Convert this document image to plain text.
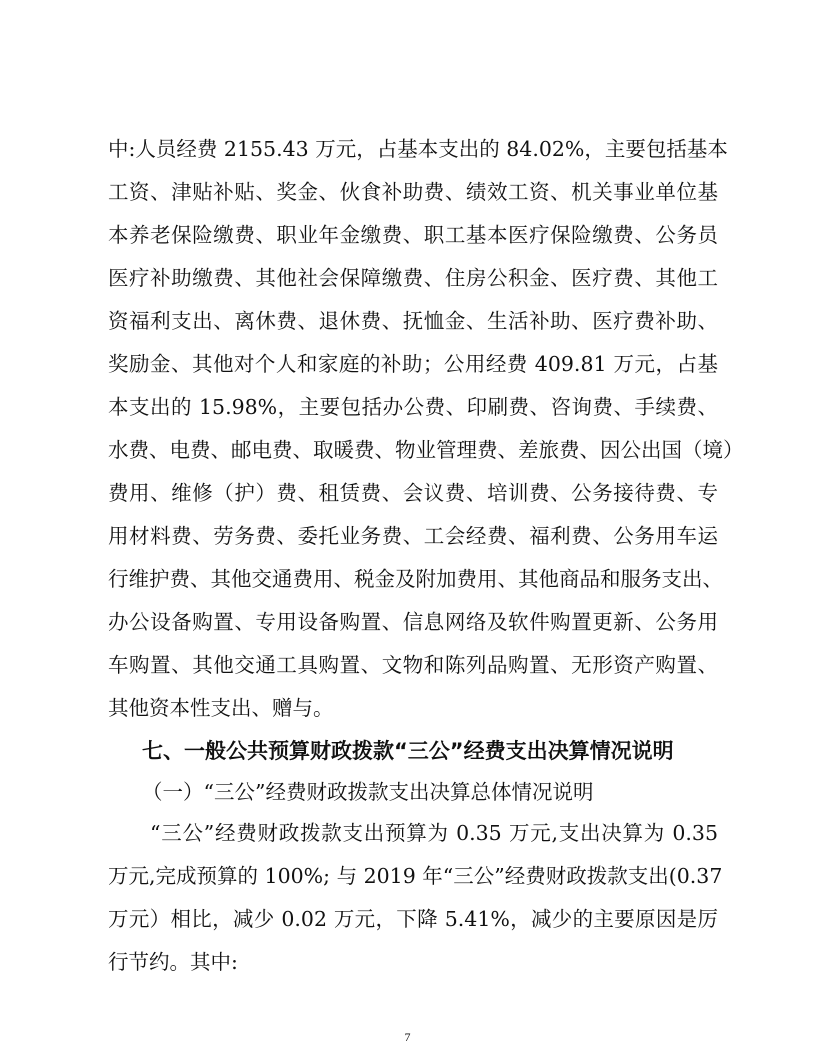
中:人员经费 2155.43 万元，占基本支出的 84.02%，主要包括基本
工资、津贴补贴、奖金、伙食补助费、绩效工资、机关事业单位基
本养老保险缴费、职业年金缴费、职工基本医疗保险缴费、公务员
医疗补助缴费、其他社会保障缴费、住房公积金、医疗费、其他工
资福利支出、离休费、退休费、抚恤金、生活补助、医疗费补助、
奖励金、其他对个人和家庭的补助；公用经费 409.81 万元，占基
本支出的 15.98%，主要包括办公费、印刷费、咨询费、手续费、
水费、电费、邮电费、取暖费、物业管理费、差旅费、因公出国（境）
费用、维修（护）费、租赁费、会议费、培训费、公务接待费、专
用材料费、劳务费、委托业务费、工会经费、福利费、公务用车运
行维护费、其他交通费用、税金及附加费用、其他商品和服务支出、
办公设备购置、专用设备购置、信息网络及软件购置更新、公务用
车购置、其他交通工具购置、文物和陈列品购置、无形资产购置、
其他资本性支出、赠与。
七、一般公共预算财政拨款“三公”经费支出决算情况说明
（一）“三公”经费财政拨款支出决算总体情况说明
“三公”经费财政拨款支出预算为 0.35 万元,支出决算为 0.35
7
万元,完成预算的 100%; 与 2019 年“三公”经费财政拨款支出(0.37
万元）相比，减少 0.02 万元，下降 5.41%，减少的主要原因是厉
行节约。其中:
